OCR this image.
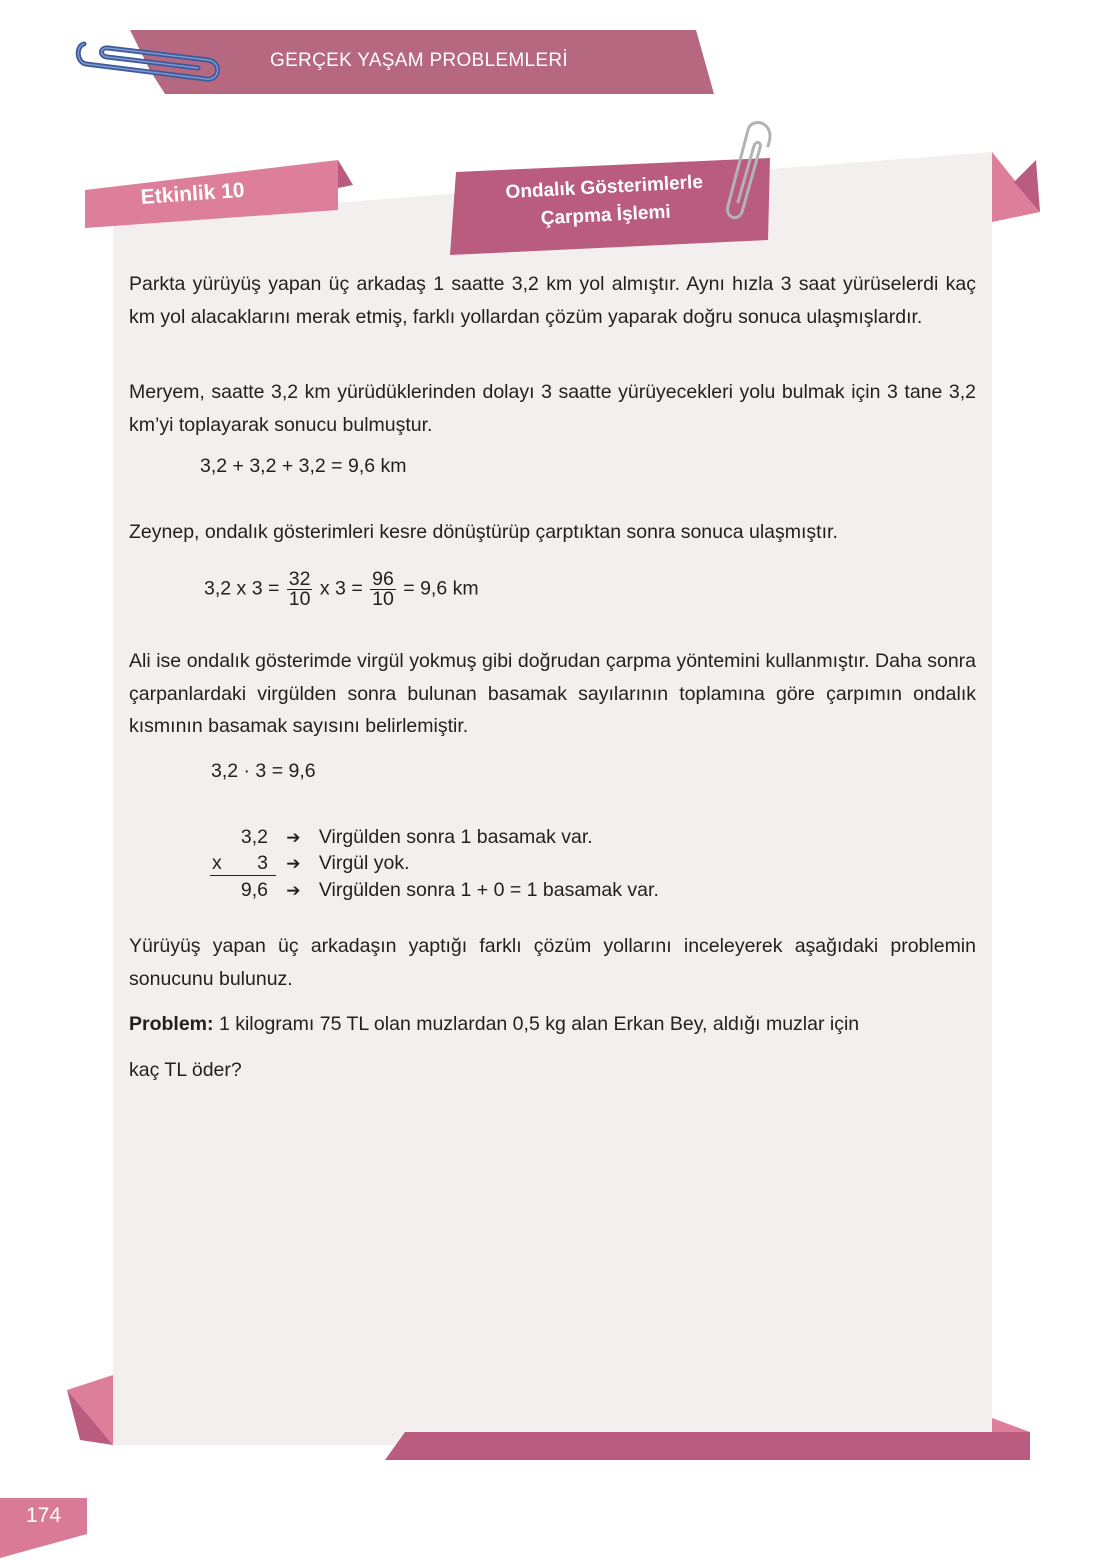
GERÇEK YAŞAM PROBLEMLERİ
Etkinlik 10	Ondalık Gösterimlerle
Çarpma İşlemi

Parkta yürüyüş yapan üç arkadaş 1 saatte 3,2 km yol almıştır. Aynı hızla 3 saat yürüselerdi kaç km yol alacaklarını merak etmiş, farklı yollardan çözüm yaparak doğru sonuca ulaşmışlardır.

Meryem, saatte 3,2 km yürüdüklerinden dolayı 3 saatte yürüyecekleri yolu bulmak için 3 tane 3,2 km’yi toplayarak sonucu bulmuştur.

3,2 + 3,2 + 3,2 = 9,6 km

Zeynep, ondalık gösterimleri kesre dönüştürüp çarptıktan sonra sonuca ulaşmıştır.

3,2 x $3 = \frac{32}{10}$ x $3 = \frac{96}{10} = 9,6$ km

Ali ise ondalık gösterimde virgül yokmuş gibi doğrudan çarpma yöntemini kullanmıştır. Daha sonra çarpanlardaki virgülden sonra bulunan basamak sayılarının toplamına göre çarpımın ondalık kısmının basamak sayısını belirlemiştir.

3,2 · 3 = 9,6
3,2 ➔ Virgülden sonra 1 basamak var.
x 3 ➔ Virgül yok.
9,6 ➔ Virgülden sonra 1 + 0 = 1 basamak var.

Yürüyüş yapan üç arkadaşın yaptığı farklı çözüm yollarını inceleyerek aşağıdaki problemin sonucunu bulunuz.

Problem: 1 kilogramı 75 TL olan muzlardan 0,5 kg alan Erkan Bey, aldığı muzlar için

kaç TL öder?

174
